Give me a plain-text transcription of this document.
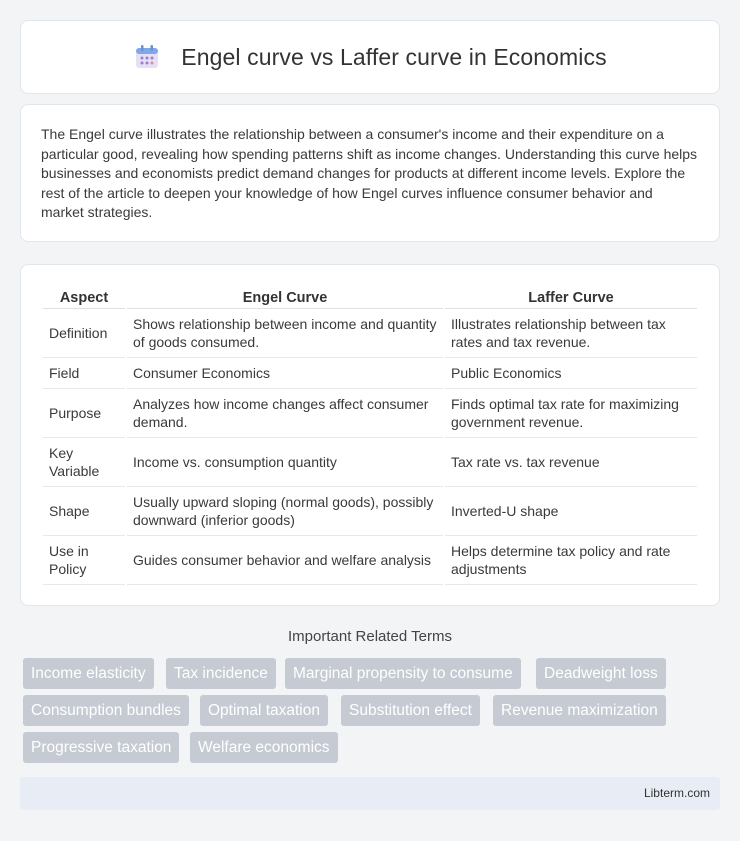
Engel curve vs Laffer curve in Economics

The Engel curve illustrates the relationship between a consumer's income and their expenditure on a particular good, revealing how spending patterns shift as income changes. Understanding this curve helps businesses and economists predict demand changes for products at different income levels. Explore the rest of the article to deepen your knowledge of how Engel curves influence consumer behavior and market strategies.

Aspect	Engel Curve	Laffer Curve
Definition	Shows relationship between income and quantity of goods consumed.	Illustrates relationship between tax rates and tax revenue.
Field	Consumer Economics	Public Economics
Purpose	Analyzes how income changes affect consumer demand.	Finds optimal tax rate for maximizing government revenue.
Key Variable	Income vs. consumption quantity	Tax rate vs. tax revenue
Shape	Usually upward sloping (normal goods), possibly downward (inferior goods)	Inverted-U shape
Use in Policy	Guides consumer behavior and welfare analysis	Helps determine tax policy and rate adjustments
Important Related Terms
Income elasticity	Tax incidence	Marginal propensity to consume	Deadweight loss
Consumption bundles	Optimal taxation	Substitution effect	Revenue maximization
Progressive taxation	Welfare economics
Libterm.com
